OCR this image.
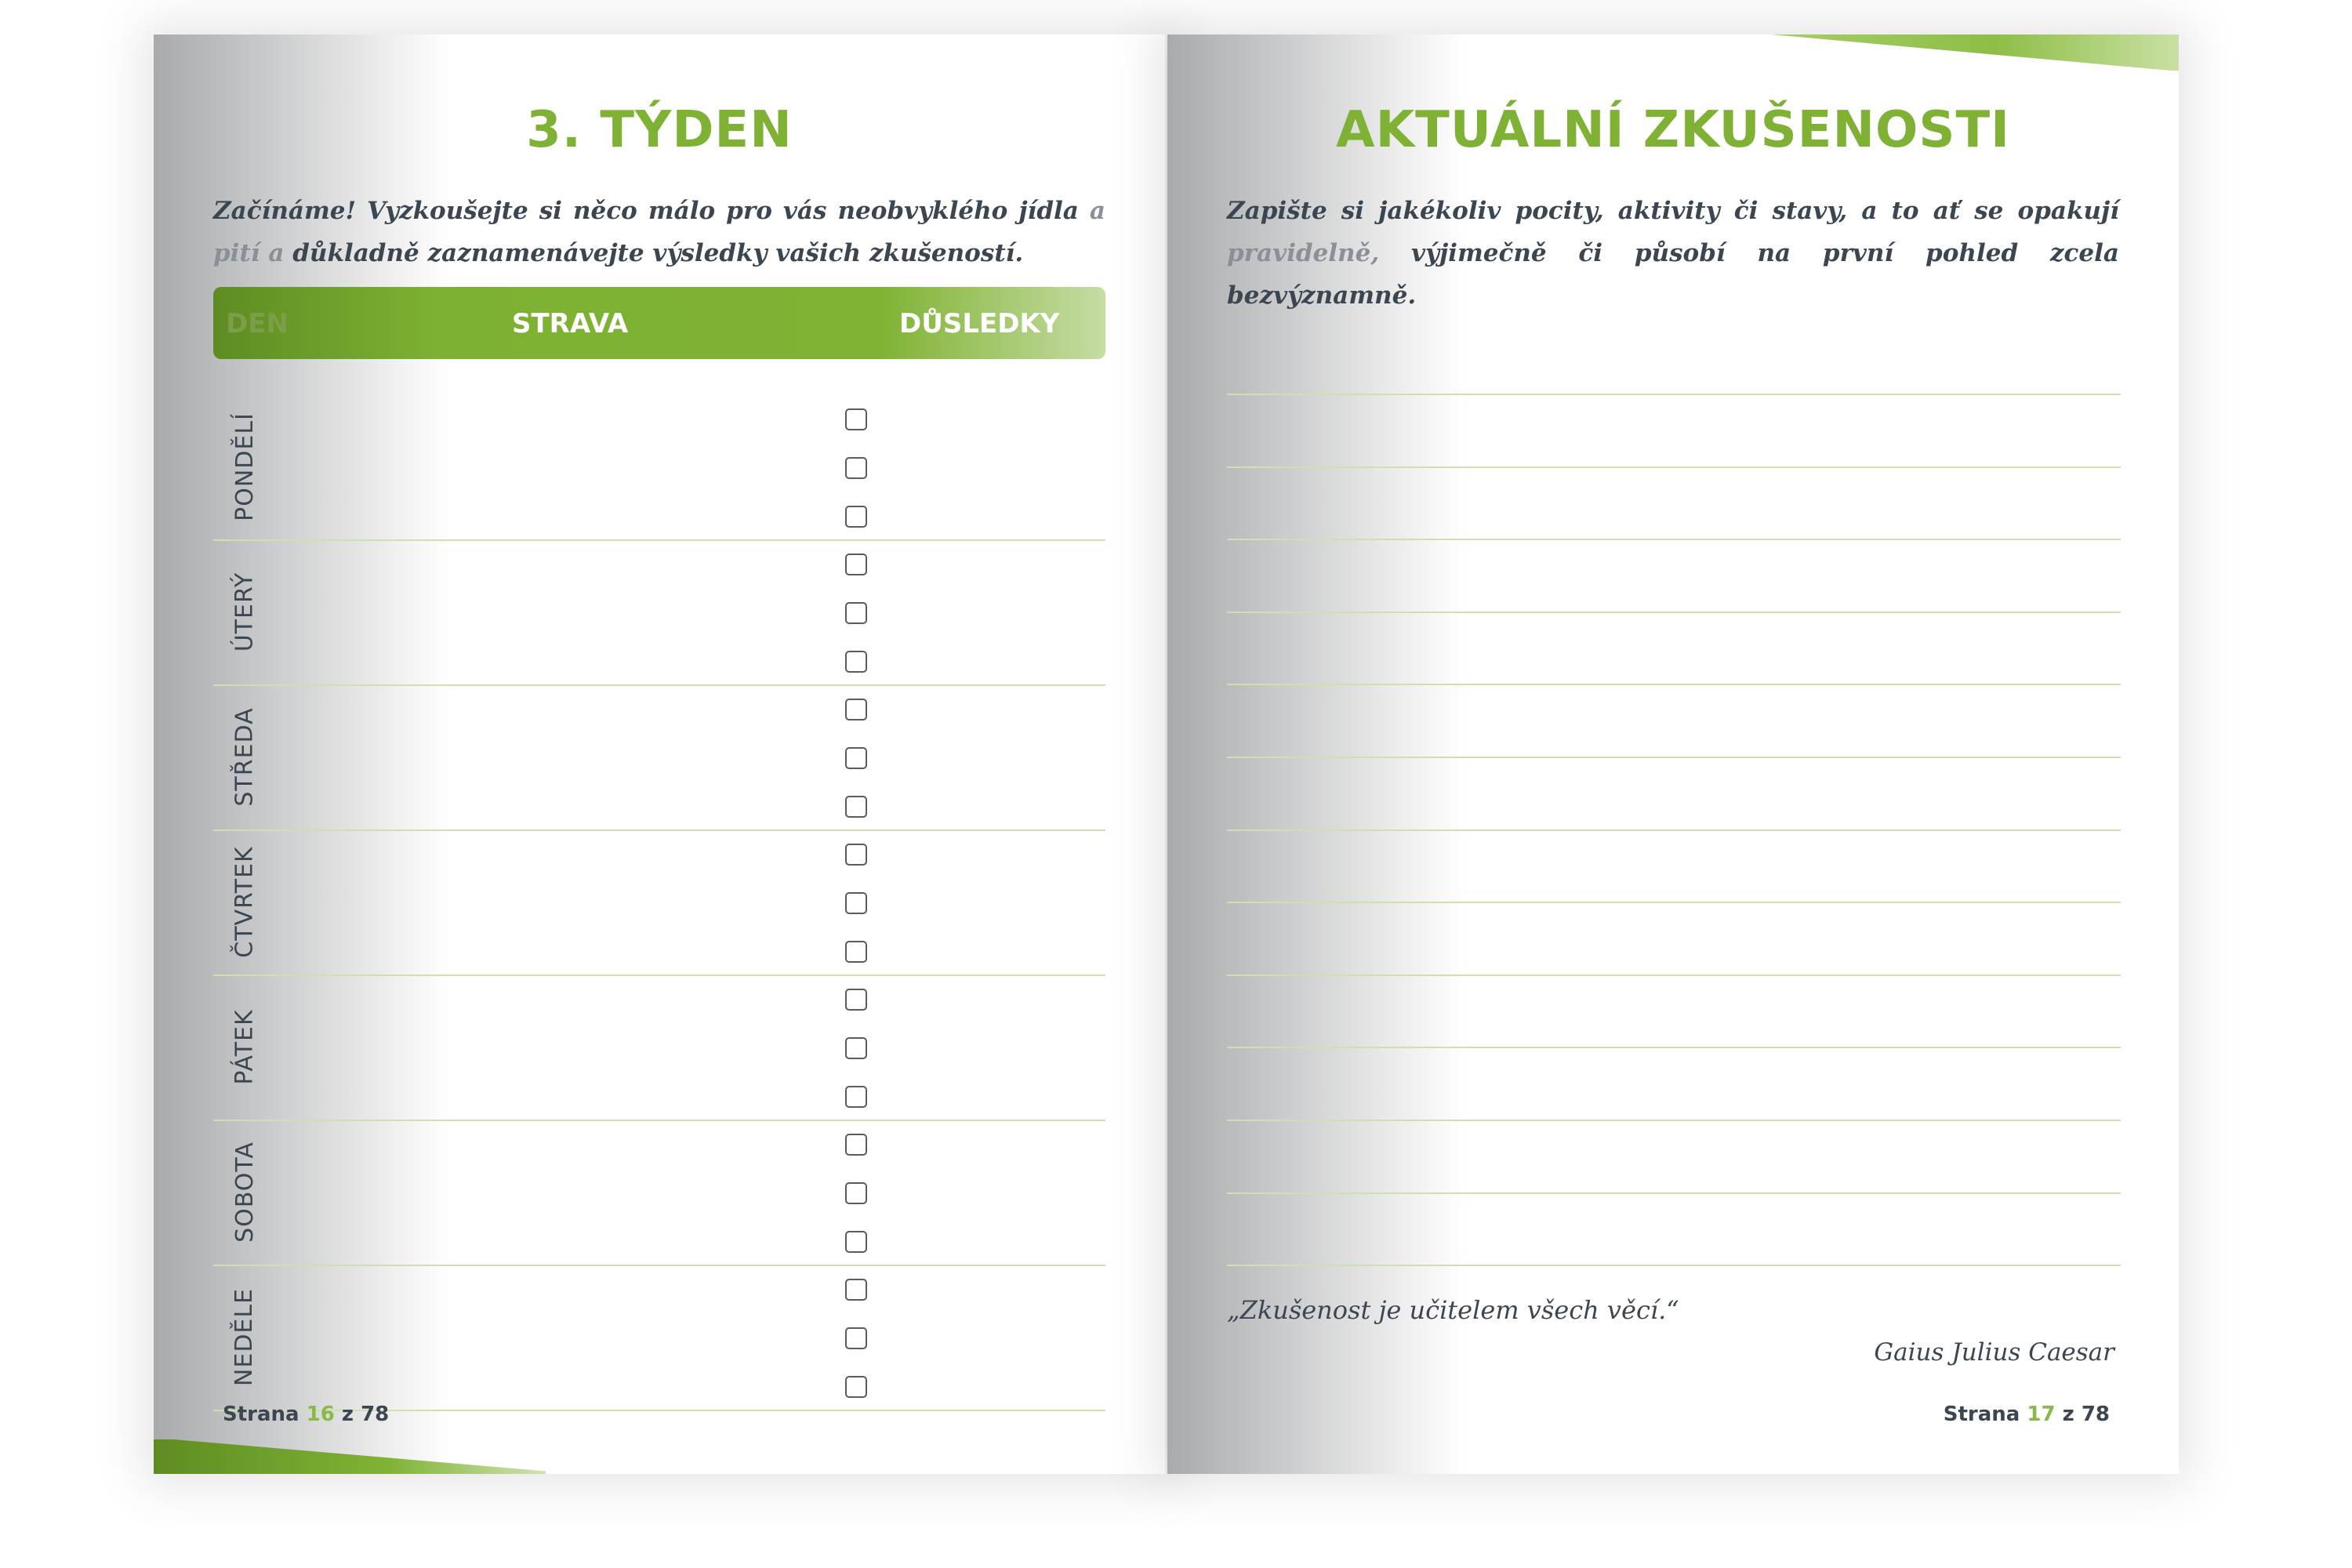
3. TÝDEN
Začínáme! Vyzkoušejte si něco málo pro vás neobvyklého jídla a pití a důkladně zaznamenávejte výsledky vašich zkušeností.
DEN	STRAVA	DŮSLEDKY
PONDĚLÍ
ÚTERÝ
STŘEDA
ČTVRTEK
PÁTEK
SOBOTA
NEDĚLE
Strana 16 z 78
AKTUÁLNÍ ZKUŠENOSTI
Zapište si jakékoliv pocity, aktivity či stavy, a to ať se opakují pravidelně, výjimečně či působí na první pohled zcela bezvýznamně.
„Zkušenost je učitelem všech věcí.“
Gaius Julius Caesar
Strana 17 z 78
